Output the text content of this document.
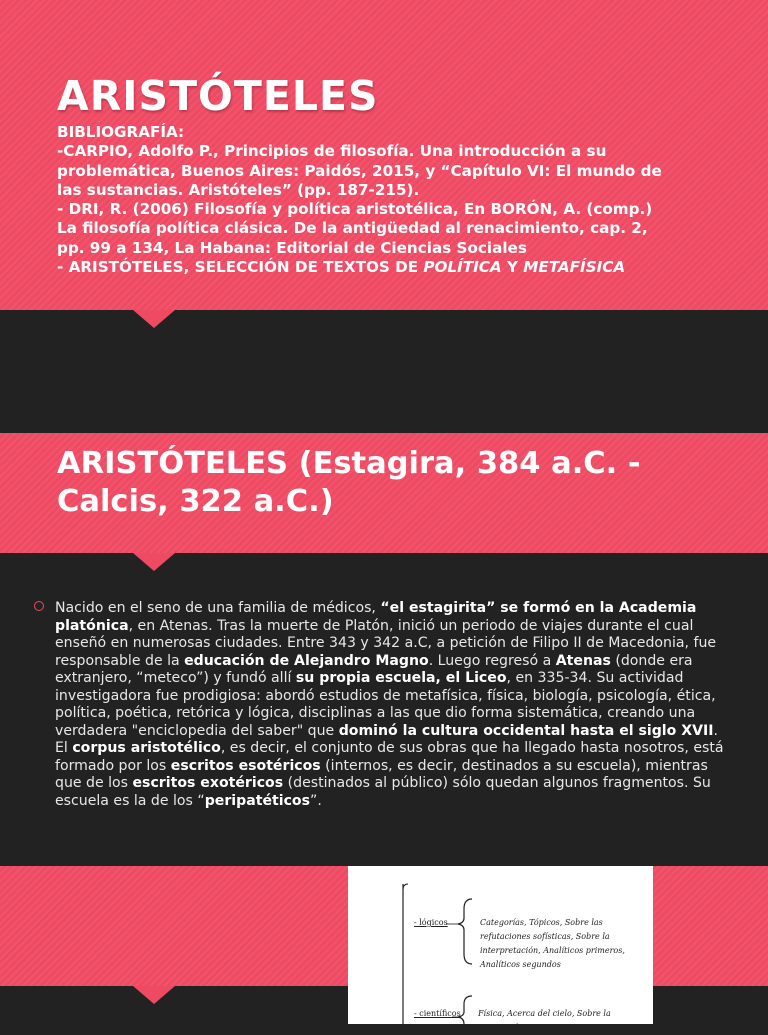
ARISTÓTELES
BIBLIOGRAFÍA:
-CARPIO, Adolfo P., Principios de filosofía. Una introducción a su
problemática, Buenos Aires: Paidós, 2015, y “Capítulo VI: El mundo de
las sustancias. Aristóteles” (pp. 187-215).
- DRI, R. (2006) Filosofía y política aristotélica, En BORÓN, A. (comp.)
La filosofía política clásica. De la antigüedad al renacimiento, cap. 2,
pp. 99 a 134, La Habana: Editorial de Ciencias Sociales
- ARISTÓTELES, SELECCIÓN DE TEXTOS DE POLÍTICA Y METAFÍSICA
ARISTÓTELES (Estagira, 384 a.C. - Calcis, 322 a.C.)
Nacido en el seno de una familia de médicos, “el estagirita” se formó en la Academia
platónica, en Atenas. Tras la muerte de Platón, inició un periodo de viajes durante el cual
enseñó en numerosas ciudades. Entre 343 y 342 a.C, a petición de Filipo II de Macedonia, fue
responsable de la educación de Alejandro Magno. Luego regresó a Atenas (donde era
extranjero, “meteco”) y fundó allí su propia escuela, el Liceo, en 335-34. Su actividad
investigadora fue prodigiosa: abordó estudios de metafísica, física, biología, psicología, ética,
política, poética, retórica y lógica, disciplinas a las que dio forma sistemática, creando una
verdadera "enciclopedia del saber" que dominó la cultura occidental hasta el siglo XVII.
El corpus aristotélico, es decir, el conjunto de sus obras que ha llegado hasta nosotros, está
formado por los escritos esotéricos (internos, es decir, destinados a su escuela), mientras
que de los escritos exotéricos (destinados al público) sólo quedan algunos fragmentos. Su
escuela es la de los “peripatéticos”.
- lógicos	Categorías, Tópicos, Sobre las refutaciones sofísticas, Sobre la interpretación, Analíticos primeros, Analíticos segundos
- científicos Física, Acerca del cielo, Sobre la generación y
